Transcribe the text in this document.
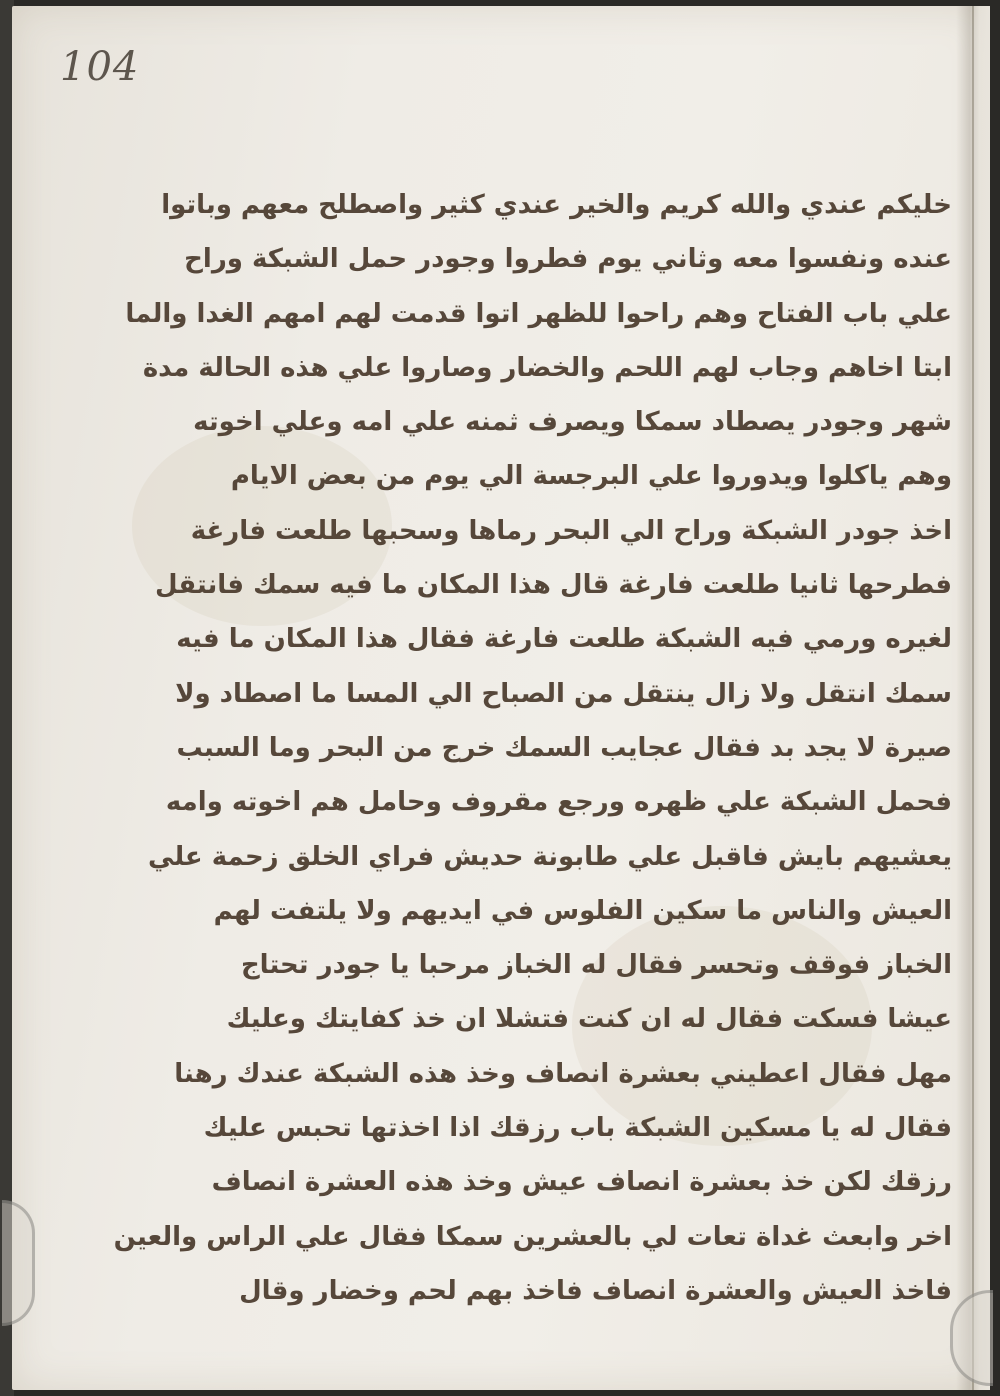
104
خليكم عندي والله كريم والخير عندي كثير واصطلح معهم وباتوا
عنده ونفسوا معه وثاني يوم فطروا وجودر حمل الشبكة وراح
علي باب الفتاح وهم راحوا للظهر اتوا قدمت لهم امهم الغدا والما
ابتا اخاهم وجاب لهم اللحم والخضار وصاروا علي هذه الحالة مدة
شهر وجودر يصطاد سمكا ويصرف ثمنه علي امه وعلي اخوته
وهم ياكلوا ويدوروا علي البرجسة الي يوم من بعض الايام
اخذ جودر الشبكة وراح الي البحر رماها وسحبها طلعت فارغة
فطرحها ثانيا طلعت فارغة قال هذا المكان ما فيه سمك فانتقل
لغيره ورمي فيه الشبكة طلعت فارغة فقال هذا المكان ما فيه
سمك انتقل ولا زال ينتقل من الصباح الي المسا ما اصطاد ولا
صيرة لا يجد بد فقال عجايب السمك خرج من البحر وما السبب
فحمل الشبكة علي ظهره ورجع مقروف وحامل هم اخوته وامه
يعشيهم بايش فاقبل علي طابونة حديش فراي الخلق زحمة علي
العيش والناس ما سكين الفلوس في ايديهم ولا يلتفت لهم
الخباز فوقف وتحسر فقال له الخباز مرحبا يا جودر تحتاج
عيشا فسكت فقال له ان كنت فتشلا ان خذ كفايتك وعليك
مهل فقال اعطيني بعشرة انصاف وخذ هذه الشبكة عندك رهنا
فقال له يا مسكين الشبكة باب رزقك اذا اخذتها تحبس عليك
رزقك لكن خذ بعشرة انصاف عيش وخذ هذه العشرة انصاف
اخر وابعث غداة تعات لي بالعشرين سمكا فقال علي الراس والعين
فاخذ العيش والعشرة انصاف فاخذ بهم لحم وخضار وقال
